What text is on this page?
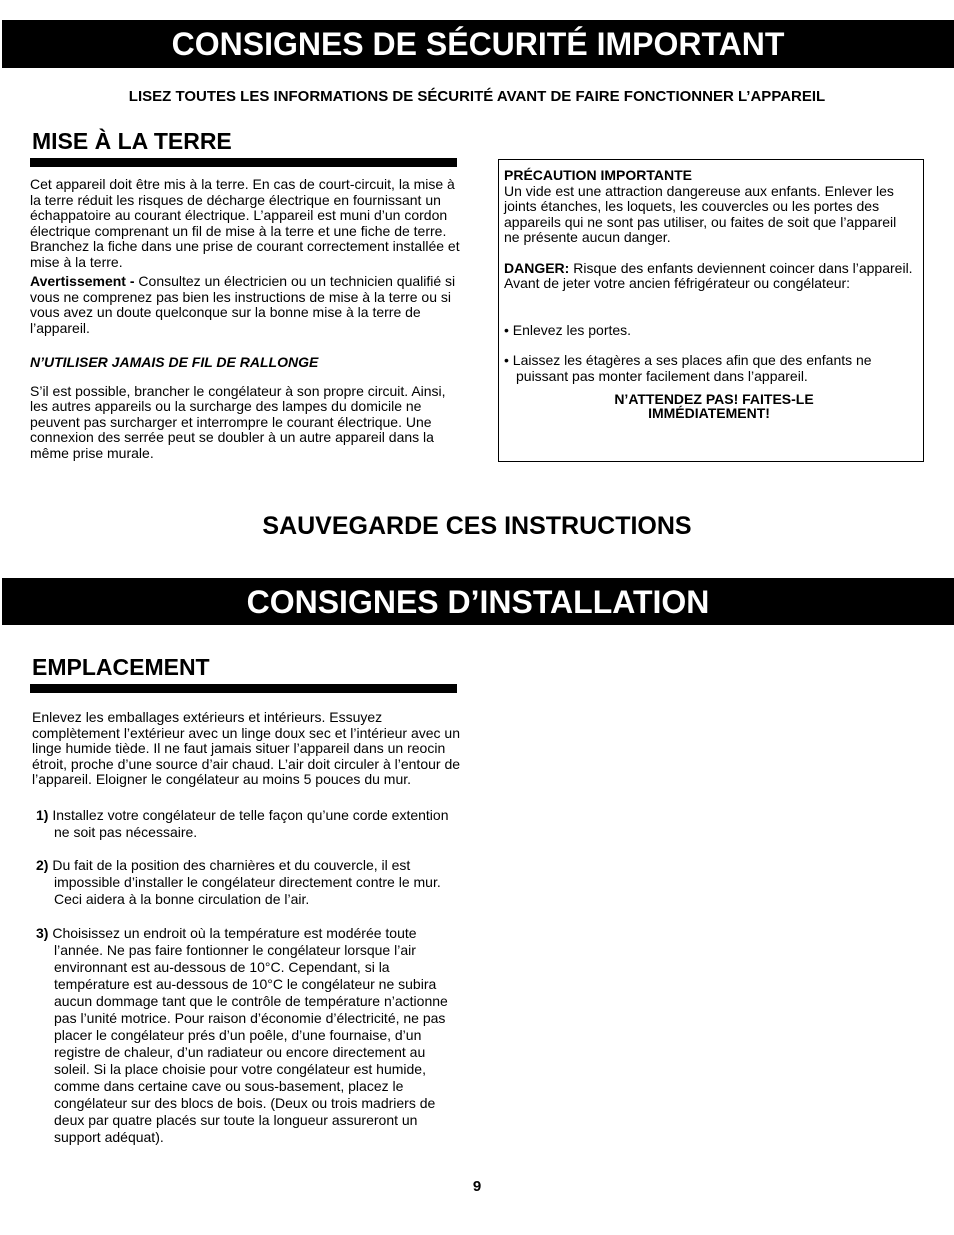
CONSIGNES DE SÉCURITÉ IMPORTANT
LISEZ TOUTES LES INFORMATIONS DE SÉCURITÉ AVANT DE FAIRE FONCTIONNER L’APPAREIL
MISE À LA TERRE

Cet appareil doit être mis à la terre. En cas de court-circuit, la mise à la terre réduit les risques de décharge électrique en fournissant un échappatoire au courant électrique. L’appareil est muni d’un cordon électrique comprenant un fil de mise à la terre et une fiche de terre. Branchez la fiche dans une prise de courant correctement installée et mise à la terre.

Avertissement - Consultez un électricien ou un technicien qualifié si vous ne comprenez pas bien les instructions de mise à la terre ou si vous avez un doute quelconque sur la bonne mise à la terre de l’appareil.

N’UTILISER JAMAIS DE FIL DE RALLONGE

S’il est possible, brancher le congélateur à son propre circuit. Ainsi, les autres appareils ou la surcharge des lampes du domicile ne peuvent pas surcharger et interrompre le courant électrique. Une connexion des serrée peut se doubler à un autre appareil dans la même prise murale.

PRÉCAUTION IMPORTANTE

Un vide est une attraction dangereuse aux enfants. Enlever les joints étanches, les loquets, les couvercles ou les portes des appareils qui ne sont pas utiliser, ou faites de soit que l’appareil ne présente aucun danger.

DANGER: Risque des enfants deviennent coincer dans l’appareil. Avant de jeter votre ancien féfrigérateur ou congélateur:

• Enlevez les portes.

• Laissez les étagères a ses places afin que des enfants ne puissant pas monter facilement dans l’appareil.

N’ATTENDEZ PAS! FAITES-LE

IMMÉDIATEMENT!

SAUVEGARDE CES INSTRUCTIONS
CONSIGNES D’INSTALLATION
EMPLACEMENT

Enlevez les emballages extérieurs et intérieurs. Essuyez complètement l’extérieur avec un linge doux sec et l’intérieur avec un linge humide tiède. Il ne faut jamais situer l’appareil dans un reocin étroit, proche d’une source d’air chaud. L’air doit circuler à l’entour de l’appareil. Eloigner le congélateur au moins 5 pouces du mur.

1) Installez votre congélateur de telle façon qu’une corde extention ne soit pas nécessaire.

2) Du fait de la position des charnières et du couvercle, il est impossible d’installer le congélateur directement contre le mur. Ceci aidera à la bonne circulation de l’air.

3) Choisissez un endroit où la température est modérée toute l’année. Ne pas faire fontionner le congélateur lorsque l’air environnant est au-dessous de 10°C. Cependant, si la température est au-dessous de 10°C le congélateur ne subira aucun dommage tant que le contrôle de température n’actionne pas l’unité motrice. Pour raison d’économie d’électricité, ne pas placer le congélateur prés d’un poêle, d’une fournaise, d’un registre de chaleur, d’un radiateur ou encore directement au soleil. Si la place choisie pour votre congélateur est humide, comme dans certaine cave ou sous-basement, placez le congélateur sur des blocs de bois. (Deux ou trois madriers de deux par quatre placés sur toute la longueur assureront un support adéquat).

9
